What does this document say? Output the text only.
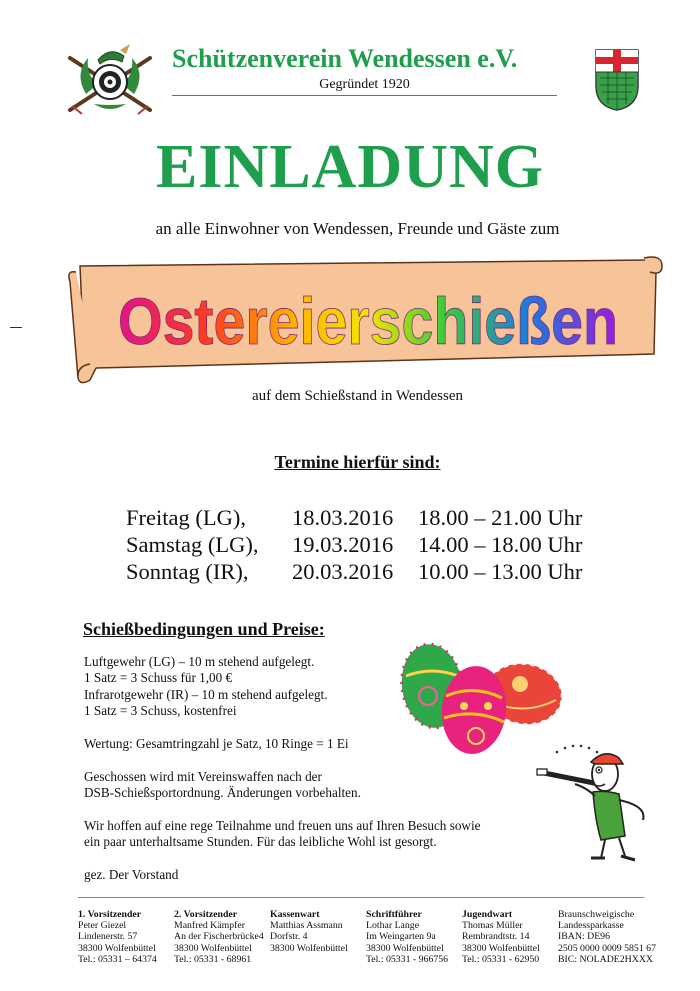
Schützenverein Wendessen e.V.
Gegründet 1920
EINLADUNG
an alle Einwohner von Wendessen, Freunde und Gäste zum
Ostereierschießen
auf dem Schießstand in Wendessen
Termine hierfür sind:
Freitag (LG),	18.03.2016	18.00 – 21.00 Uhr
Samstag (LG),	19.03.2016	14.00 – 18.00 Uhr
Sonntag (IR),	20.03.2016	10.00 – 13.00 Uhr
Schießbedingungen und Preise:
Luftgewehr (LG) – 10 m stehend aufgelegt.
1 Satz = 3 Schuss für 1,00 €
Infrarotgewehr (IR) – 10 m stehend aufgelegt.
1 Satz = 3 Schuss, kostenfrei
Wertung: Gesamtringzahl je Satz, 10 Ringe = 1 Ei
Geschossen wird mit Vereinswaffen nach der
DSB-Schießsportordnung. Änderungen vorbehalten.
Wir hoffen auf eine rege Teilnahme und freuen uns auf Ihren Besuch sowie
ein paar unterhaltsame Stunden. Für das leibliche Wohl ist gesorgt.
gez. Der Vorstand
1. Vorsitzender
Peter Giezel
Lindenerstr. 57
38300 Wolfenbüttel
Tel.: 05331 – 64374
2. Vorsitzender
Manfred Kämpfer
An der Fischerbrücke4
38300 Wolfenbüttel
Tel.: 05331 - 68961
Kassenwart
Matthias Assmann
Dorfstr. 4
38300 Wolfenbüttel
Schriftführer
Lothar Lange
Im Weingarten 9a
38300 Wolfenbüttel
Tel.: 05331 - 966756
Jugendwart
Thomas Müller
Rembrandtstr. 14
38300 Wolfenbüttel
Tel.: 05331 - 62950
Braunschweigische
Landessparkasse
IBAN: DE96
2505 0000 0009 5851 67
BIC: NOLADE2HXXX
